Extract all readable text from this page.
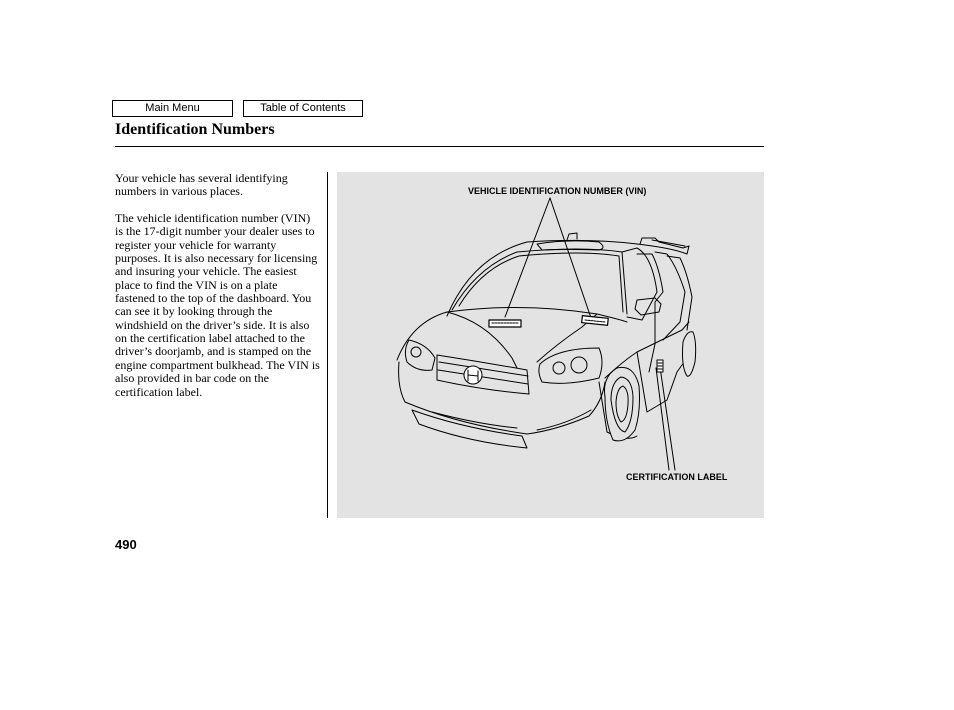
Main Menu	Table of Contents
Identification Numbers

Your vehicle has several identifying numbers in various places.

The vehicle identification number (VIN) is the 17-digit number your dealer uses to register your vehicle for warranty purposes. It is also necessary for licensing and insuring your vehicle. The easiest place to find the VIN is on a plate fastened to the top of the dashboard. You can see it by looking through the windshield on the driver’s side. It is also on the certification label attached to the driver’s doorjamb, and is stamped on the engine compartment bulkhead. The VIN is also provided in bar code on the certification label.

VEHICLE IDENTIFICATION NUMBER (VIN)
CERTIFICATION LABEL
490
